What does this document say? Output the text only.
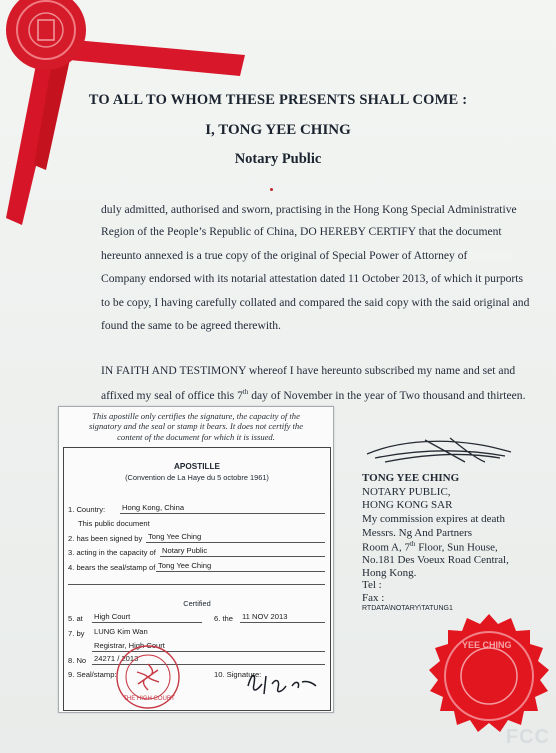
TO ALL TO WHOM THESE PRESENTS SHALL COME :
I, TONG YEE CHING
Notary Public
duly admitted, authorised and sworn, practising in the Hong Kong Special Administrative
Region of the People’s Republic of China, DO HEREBY CERTIFY that the document
hereunto annexed is a true copy of the original of Special Power of Attorney of
Company endorsed with its notarial attestation dated 11 October 2013, of which it purports
to be copy, I having carefully collated and compared the said copy with the said original and
found the same to be agreed therewith.
IN FAITH AND TESTIMONY whereof I have hereunto subscribed my name and set and
affixed my seal of office this 7th day of November in the year of Two thousand and thirteen.
TONG YEE CHING
NOTARY PUBLIC,
HONG KONG SAR
My commission expires at death
Messrs. Ng And Partners
Room A, 7th Floor, Sun House,
No.181 Des Voeux Road Central,
Hong Kong.
Tel :
Fax :
RTDATA\NOTARY\TATUNG1
This apostille only certifies the signature, the capacity of the
signatory and the seal or stamp it bears. It does not certify the
content of the document for which it is issued.
APOSTILLE
(Convention de La Haye du 5 octobre 1961)
1. Country: Hong Kong, China
This public document
2. has been signed by Tong Yee Ching
3. acting in the capacity of Notary Public
4. bears the seal/stamp of Tong Yee Ching
Certified
5. at High Court	6. the 11 NOV 2013
7. by LUNG Kim Wan
Registrar, High Court
8. No 24271 / 2013
9. Seal/stamp:	10. Signature:
THE HIGH COURT
YEE CHING
FCC
